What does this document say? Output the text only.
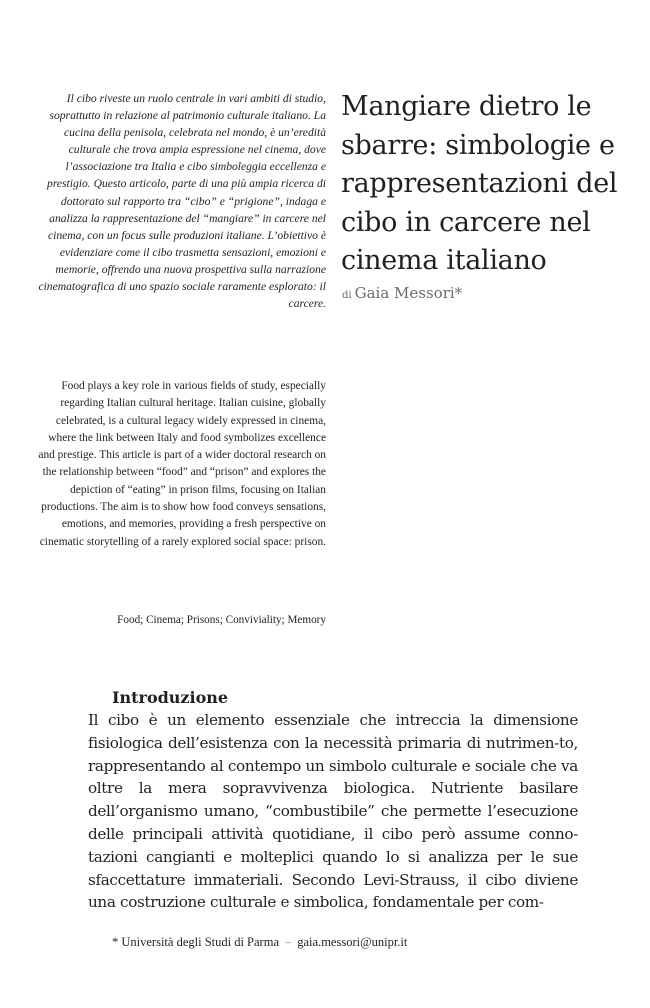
Il cibo riveste un ruolo centrale in vari ambiti di studio, soprattutto in relazione al patrimonio culturale italiano. La cucina della penisola, celebrata nel mondo, è un’eredità culturale che trova ampia espressione nel cinema, dove l’associazione tra Italia e cibo simboleggia eccellenza e prestigio. Questo articolo, parte di una più ampia ricerca di dottorato sul rapporto tra “cibo” e “prigione”, indaga e analizza la rappresentazione del “mangiare” in carcere nel cinema, con un focus sulle produzioni italiane. L’obiettivo è evidenziare come il cibo trasmetta sensazioni, emozioni e memorie, offrendo una nuova prospettiva sulla narrazione cinematografica di uno spazio sociale raramente esplorato: il carcere.

Food plays a key role in various fields of study, especially regarding Italian cultural heritage. Italian cuisine, globally celebrated, is a cultural legacy widely expressed in cinema, where the link between Italy and food symbolizes excellence and prestige. This article is part of a wider doctoral research on the relationship between “food” and “prison” and explores the depiction of “eating” in prison films, focusing on Italian productions. The aim is to show how food conveys sensations, emotions, and memories, providing a fresh perspective on cinematic storytelling of a rarely explored social space: prison.

Food; Cinema; Prisons; Conviviality; Memory

Mangiare dietro le sbarre: simbologie e rappresentazioni del cibo in carcere nel cinema italiano

di Gaia Messori*

Introduzione

Il cibo è un elemento essenziale che intreccia la dimensione fisiologica dell’esistenza con la necessità primaria di nutrimen-to, rappresentando al contempo un simbolo culturale e sociale che va oltre la mera sopravvivenza biologica. Nutriente basilare dell’organismo umano, “combustibile” che permette l’esecuzione delle principali attività quotidiane, il cibo però assume conno-tazioni cangianti e molteplici quando lo si analizza per le sue sfaccettature immateriali. Secondo Levi-Strauss, il cibo diviene una costruzione culturale e simbolica, fondamentale per com-

* Università degli Studi di Parma – gaia.messori@unipr.it
